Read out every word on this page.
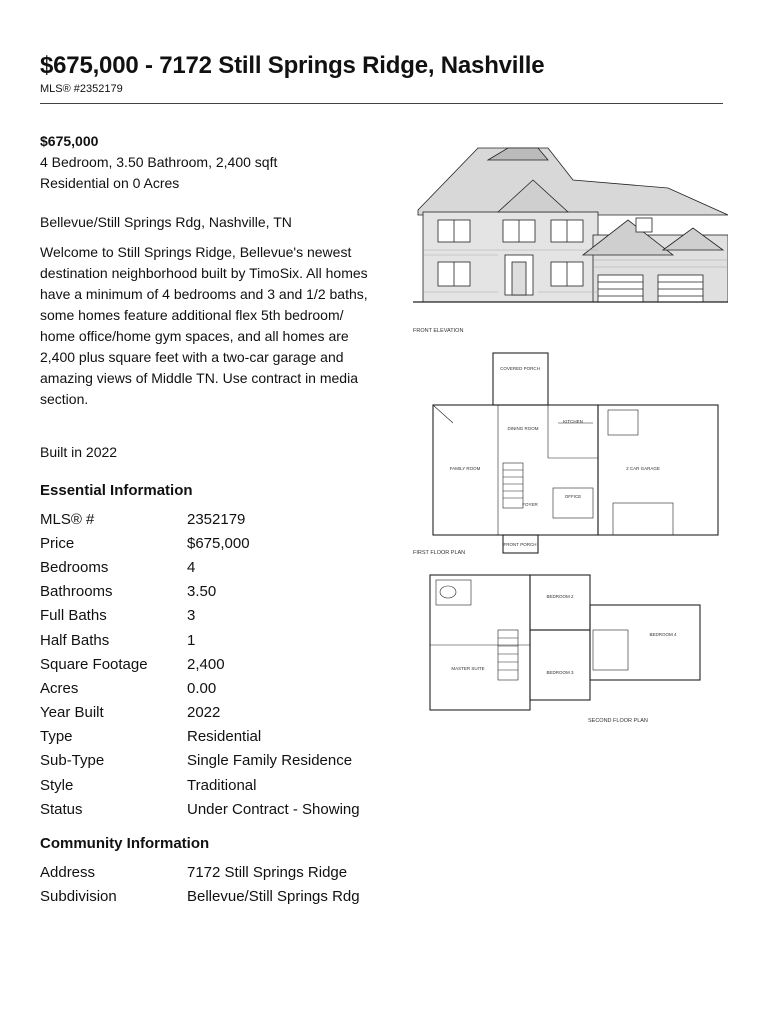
$675,000 - 7172 Still Springs Ridge, Nashville
MLS® #2352179
$675,000
4 Bedroom, 3.50 Bathroom, 2,400 sqft
Residential on 0 Acres
Bellevue/Still Springs Rdg, Nashville, TN
Welcome to Still Springs Ridge, Bellevue's newest destination neighborhood built by TimoSix. All homes have a minimum of 4 bedrooms and 3 and 1/2 baths, some homes feature additional flex 5th bedroom/ home office/home gym spaces, and all homes are 2,400 plus square feet with a two-car garage and amazing views of Middle TN. Use contract in media section.
Built in 2022
Essential Information
MLS® #	2352179
Price	$675,000
Bedrooms	4
Bathrooms	3.50
Full Baths	3
Half Baths	1
Square Footage	2,400
Acres	0.00
Year Built	2022
Type	Residential
Sub-Type	Single Family Residence
Style	Traditional
Status	Under Contract - Showing
Community Information
Address	7172 Still Springs Ridge
Subdivision	Bellevue/Still Springs Rdg
FRONT ELEVATION
COVERED PORCH
DINING ROOM
KITCHEN
FAMILY ROOM
FOYER
OFFICE
2 CAR GARAGE
FRONT PORCH
FIRST FLOOR PLAN
BEDROOM 2
BEDROOM 3
BEDROOM 4
MASTER SUITE
SECOND FLOOR PLAN
